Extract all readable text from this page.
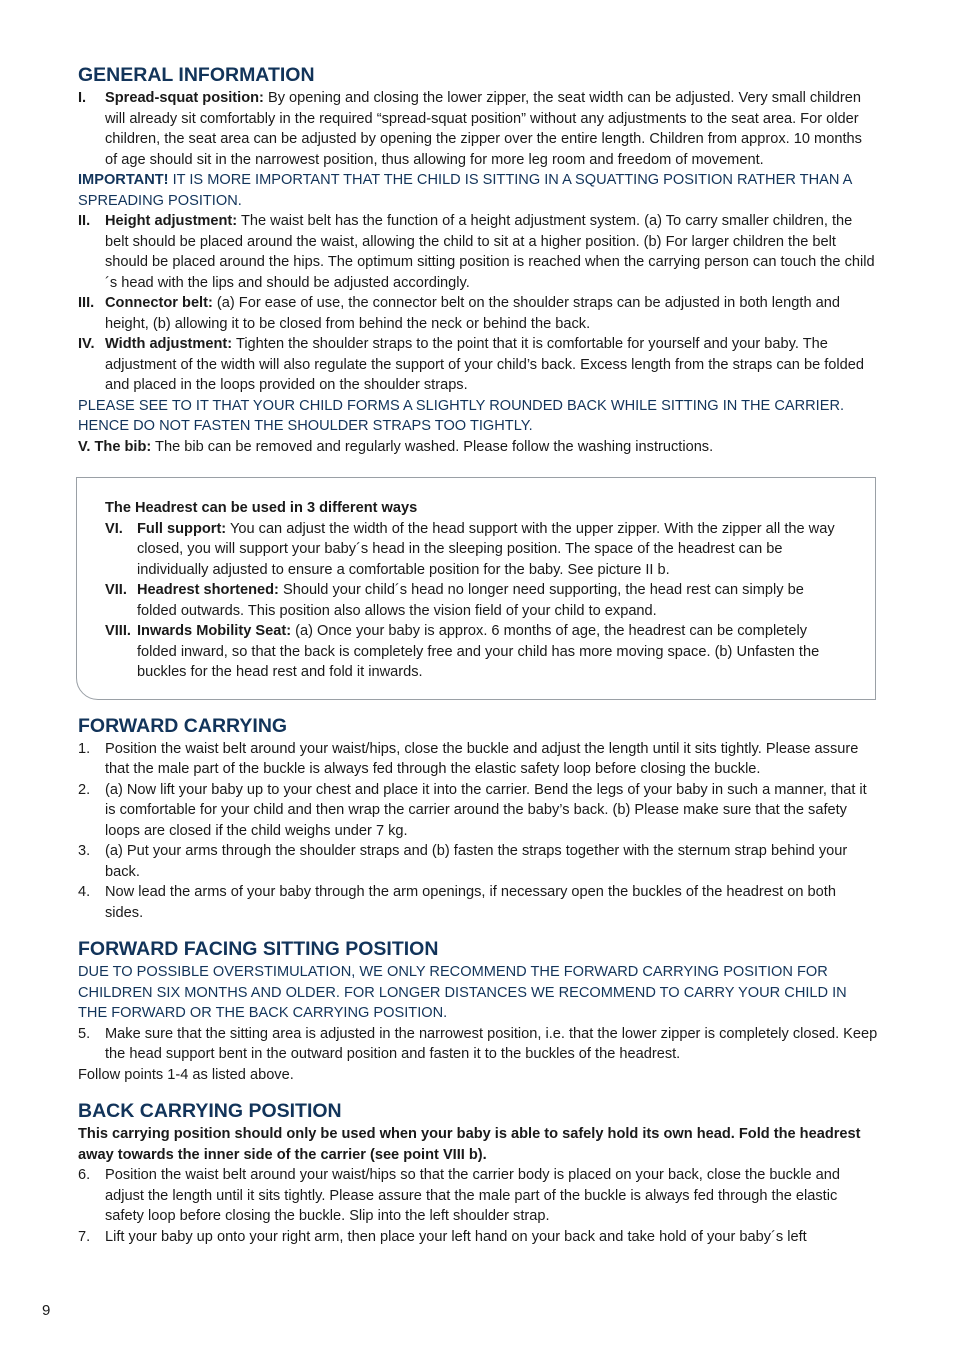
GENERAL INFORMATION
I.	Spread-squat position: By opening and closing the lower zipper, the seat width can be adjusted. Very small children will already sit comfortably in the required “spread-squat position” without any adjustments to the seat area. For older children, the seat area can be adjusted by opening the zipper over the entire length. Children from approx. 10 months of age should sit in the narrowest position, thus allowing for more leg room and freedom of movement.
IMPORTANT! IT IS MORE IMPORTANT THAT THE CHILD IS SITTING IN A SQUATTING POSITION RATHER THAN A SPREADING POSITION.
II.	Height adjustment: The waist belt has the function of a height adjustment system. (a) To carry smaller children, the belt should be placed around the waist, allowing the child to sit at a higher position. (b) For larger children the belt should be placed around the hips. The optimum sitting position is reached when the carrying person can touch the child´s head with the lips and should be adjusted accordingly.
III. Connector belt: (a) For ease of use, the connector belt on the shoulder straps can be adjusted in both length and height, (b) allowing it to be closed from behind the neck or behind the back.
IV. Width adjustment: Tighten the shoulder straps to the point that it is comfortable for yourself and your baby. The adjustment of the width will also regulate the support of your child’s back. Excess length from the straps can be folded and placed in the loops provided on the shoulder straps.
PLEASE SEE TO IT THAT YOUR CHILD FORMS A SLIGHTLY ROUNDED BACK WHILE SITTING IN THE CARRIER. HENCE DO NOT FASTEN THE SHOULDER STRAPS TOO TIGHTLY.
V. The bib: The bib can be removed and regularly washed. Please follow the washing instructions.
The Headrest can be used in 3 different ways
VI. Full support: You can adjust the width of the head support with the upper zipper. With the zipper all the way closed, you will support your baby´s head in the sleeping position. The space of the headrest can be individually adjusted to ensure a comfortable position for the baby. See picture II b.
VII. Headrest shortened: Should your child´s head no longer need supporting, the head rest can simply be folded outwards. This position also allows the vision field of your child to expand.
VIII. Inwards Mobility Seat: (a) Once your baby is approx. 6 months of age, the headrest can be completely folded inward, so that the back is completely free and your child has more moving space. (b) Unfasten the buckles for the head rest and fold it inwards.
FORWARD CARRYING
1.	Position the waist belt around your waist/hips, close the buckle and adjust the length until it sits tightly. Please assure that the male part of the buckle is always fed through the elastic safety loop before closing the buckle.
2.	(a) Now lift your baby up to your chest and place it into the carrier. Bend the legs of your baby in such a manner, that it is comfortable for your child and then wrap the carrier around the baby’s back. (b) Please make sure that the safety loops are closed if the child weighs under 7 kg.
3.	(a) Put your arms through the shoulder straps and (b) fasten the straps together with the sternum strap behind your back.
4.	Now lead the arms of your baby through the arm openings, if necessary open the buckles of the headrest on both sides.
FORWARD FACING SITTING POSITION
DUE TO POSSIBLE OVERSTIMULATION, WE ONLY RECOMMEND THE FORWARD CARRYING POSITION FOR CHILDREN SIX MONTHS AND OLDER. FOR LONGER DISTANCES WE RECOMMEND TO CARRY YOUR CHILD IN THE FORWARD OR THE BACK CARRYING POSITION.
5.	Make sure that the sitting area is adjusted in the narrowest position, i.e. that the lower zipper is completely closed. Keep the head support bent in the outward position and fasten it to the buckles of the headrest.
Follow points 1-4 as listed above.
BACK CARRYING POSITION
This carrying position should only be used when your baby is able to safely hold its own head. Fold the headrest away towards the inner side of the carrier (see point VIII b).
6.	Position the waist belt around your waist/hips so that the carrier body is placed on your back, close the buckle and adjust the length until it sits tightly. Please assure that the male part of the buckle is always fed through the elastic safety loop before closing the buckle. Slip into the left shoulder strap.
7.	Lift your baby up onto your right arm, then place your left hand on your back and take hold of your baby´s left
9
